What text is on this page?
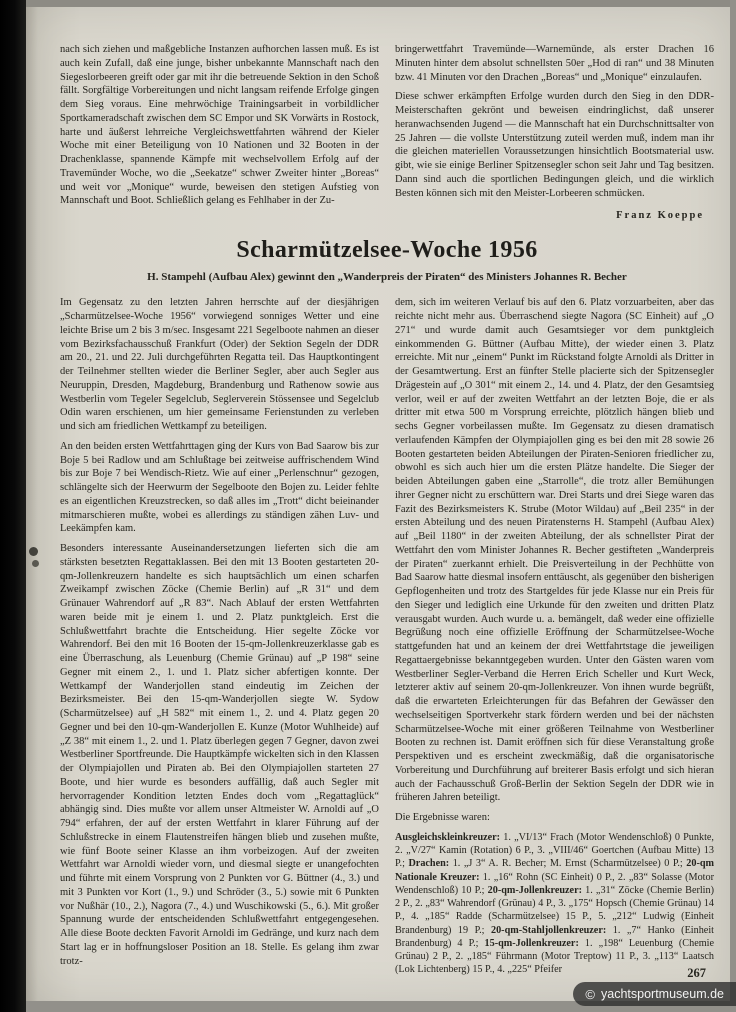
nach sich ziehen und maßgebliche Instanzen aufhorchen lassen muß. Es ist auch kein Zufall, daß eine junge, bisher unbekannte Mannschaft nach den Siegeslorbeeren greift oder gar mit ihr die betreuende Sektion in den Schoß fällt. Sorgfältige Vorbereitungen und nicht langsam reifende Erfolge gingen dem Sieg voraus. Eine mehrwöchige Trainingsarbeit in vorbildlicher Sportkameradschaft zwischen dem SC Empor und SK Vorwärts in Rostock, harte und äußerst lehrreiche Vergleichswettfahrten während der Kieler Woche mit einer Beteiligung von 10 Nationen und 32 Booten in der Drachenklasse, spannende Kämpfe mit wechselvollem Erfolg auf der Travemünder Woche, wo die „Seekatze“ schwer Zweiter hinter „Boreas“ und weit vor „Monique“ wurde, beweisen den stetigen Aufstieg von Mannschaft und Boot. Schließlich gelang es Fehlhaber in der Zu-

bringerwettfahrt Travemünde—Warnemünde, als erster Drachen 16 Minuten hinter dem absolut schnellsten 50er „Hod di ran“ und 38 Minuten bzw. 41 Minuten vor den Drachen „Boreas“ und „Monique“ einzulaufen.

Diese schwer erkämpften Erfolge wurden durch den Sieg in den DDR-Meisterschaften gekrönt und beweisen eindringlichst, daß unserer heranwachsenden Jugend — die Mannschaft hat ein Durchschnittsalter von 25 Jahren — die vollste Unterstützung zuteil werden muß, indem man ihr die gleichen materiellen Voraussetzungen hinsichtlich Bootsmaterial usw. gibt, wie sie einige Berliner Spitzensegler schon seit Jahr und Tag besitzen. Dann sind auch die sportlichen Bedingungen gleich, und die wirklich Besten können sich mit den Meister-Lorbeeren schmücken.

Franz Koeppe

Scharmützelsee-Woche 1956
H. Stampehl (Aufbau Alex) gewinnt den „Wanderpreis der Piraten“ des Ministers Johannes R. Becher

Im Gegensatz zu den letzten Jahren herrschte auf der diesjährigen „Scharmützelsee-Woche 1956“ vorwiegend sonniges Wetter und eine leichte Brise um 2 bis 3 m/sec. Insgesamt 221 Segelboote nahmen an dieser vom Bezirksfachausschuß Frankfurt (Oder) der Sektion Segeln der DDR am 20., 21. und 22. Juli durchgeführten Regatta teil. Das Hauptkontingent der Teilnehmer stellten wieder die Berliner Segler, aber auch Segler aus Neuruppin, Dresden, Magdeburg, Brandenburg und Rathenow sowie aus Westberlin vom Tegeler Segelclub, Seglerverein Stössensee und Segelclub Odin waren erschienen, um hier gemeinsame Ferienstunden zu verleben und sich am friedlichen Wettkampf zu beteiligen.

An den beiden ersten Wettfahrttagen ging der Kurs von Bad Saarow bis zur Boje 5 bei Radlow und am Schlußtage bei zeitweise auffrischendem Wind bis zur Boje 7 bei Wendisch-Rietz. Wie auf einer „Perlenschnur“ gezogen, schlängelte sich der Heerwurm der Segelboote den Bojen zu. Leider fehlte es an eigentlichen Kreuzstrecken, so daß alles im „Trott“ dicht beieinander mitmarschieren mußte, wobei es allerdings zu ständigen zähen Luv- und Leekämpfen kam.

Besonders interessante Auseinandersetzungen lieferten sich die am stärksten besetzten Regattaklassen. Bei den mit 13 Booten gestarteten 20-qm-Jollenkreuzern handelte es sich hauptsächlich um einen scharfen Zweikampf zwischen Zöcke (Chemie Berlin) auf „R 31“ und dem Grünauer Wahrendorf auf „R 83“. Nach Ablauf der ersten Wettfahrten waren beide mit je einem 1. und 2. Platz punktgleich. Erst die Schlußwettfahrt brachte die Entscheidung. Hier segelte Zöcke vor Wahrendorf. Bei den mit 16 Booten der 15-qm-Jollenkreuzerklasse gab es eine Überraschung, als Leuenburg (Chemie Grünau) auf „P 198“ seine Gegner mit einem 2., 1. und 1. Platz sicher abfertigen konnte. Der Wettkampf der Wanderjollen stand eindeutig im Zeichen der Bezirksmeister. Bei den 15-qm-Wanderjollen siegte W. Sydow (Scharmützelsee) auf „H 582“ mit einem 1., 2. und 4. Platz gegen 20 Gegner und bei den 10-qm-Wanderjollen E. Kunze (Motor Wuhlheide) auf „Z 38“ mit einem 1., 2. und 1. Platz überlegen gegen 7 Gegner, davon zwei Westberliner Sportfreunde. Die Hauptkämpfe wickelten sich in den Klassen der Olympiajollen und Piraten ab. Bei den Olympiajollen starteten 27 Boote, und hier wurde es besonders auffällig, daß auch Segler mit hervorragender Kondition letzten Endes doch vom „Regattaglück“ abhängig sind. Dies mußte vor allem unser Altmeister W. Arnoldi auf „O 794“ erfahren, der auf der ersten Wettfahrt in klarer Führung auf der Schlußstrecke in einem Flautenstreifen hängen blieb und zusehen mußte, wie fünf Boote seiner Klasse an ihm vorbeizogen. Auf der zweiten Wettfahrt war Arnoldi wieder vorn, und diesmal siegte er unangefochten und führte mit einem Vorsprung von 2 Punkten vor G. Büttner (4., 3.) und mit 3 Punkten vor Kort (1., 9.) und Schröder (3., 5.) sowie mit 6 Punkten vor Nußhär (10., 2.), Nagora (7., 4.) und Wuschikowski (5., 6.). Mit großer Spannung wurde der entscheidenden Schlußwettfahrt entgegengesehen. Alle diese Boote deckten Favorit Arnoldi im Gedränge, und kurz nach dem Start lag er in hoffnungsloser Position an 18. Stelle. Es gelang ihm zwar trotz-

dem, sich im weiteren Verlauf bis auf den 6. Platz vorzuarbeiten, aber das reichte nicht mehr aus. Überraschend siegte Nagora (SC Einheit) auf „O 271“ und wurde damit auch Gesamtsieger vor dem punktgleich einkommenden G. Büttner (Aufbau Mitte), der wieder einen 3. Platz erreichte. Mit nur „einem“ Punkt im Rückstand folgte Arnoldi als Dritter in der Gesamtwertung. Erst an fünfter Stelle placierte sich der Spitzensegler Drägestein auf „O 301“ mit einem 2., 14. und 4. Platz, der den Gesamtsieg verlor, weil er auf der zweiten Wettfahrt an der letzten Boje, die er als dritter mit etwa 500 m Vorsprung erreichte, plötzlich hängen blieb und sechs Gegner vorbeilassen mußte. Im Gegensatz zu diesen dramatisch verlaufenden Kämpfen der Olympiajollen ging es bei den mit 28 sowie 26 Booten gestarteten beiden Abteilungen der Piraten-Senioren friedlicher zu, obwohl es sich auch hier um die ersten Plätze handelte. Die Sieger der beiden Abteilungen gaben eine „Starrolle“, die trotz aller Bemühungen ihrer Gegner nicht zu erschüttern war. Drei Starts und drei Siege waren das Fazit des Bezirksmeisters K. Strube (Motor Wildau) auf „Beil 235“ in der ersten Abteilung und des neuen Piratensterns H. Stampehl (Aufbau Alex) auf „Beil 1180“ in der zweiten Abteilung, der als schnellster Pirat der Wettfahrt den vom Minister Johannes R. Becher gestifteten „Wanderpreis der Piraten“ zuerkannt erhielt. Die Preisverteilung in der Pechhütte von Bad Saarow hatte diesmal insofern enttäuscht, als gegenüber den bisherigen Gepflogenheiten und trotz des Startgeldes für jede Klasse nur ein Preis für den Sieger und lediglich eine Urkunde für den zweiten und dritten Platz verausgabt wurden. Auch wurde u. a. bemängelt, daß weder eine offizielle Begrüßung noch eine offizielle Eröffnung der Scharmützelsee-Woche stattgefunden hat und an keinem der drei Wettfahrtstage die jeweiligen Regattaergebnisse bekanntgegeben wurden. Unter den Gästen waren vom Westberliner Segler-Verband die Herren Erich Scheller und Kurt Weck, letzterer aktiv auf seinem 20-qm-Jollenkreuzer. Von ihnen wurde begrüßt, daß die erwarteten Erleichterungen für das Befahren der Gewässer den wechselseitigen Sportverkehr stark fördern werden und bei der nächsten Scharmützelsee-Woche mit einer größeren Teilnahme von Westberliner Booten zu rechnen ist. Damit eröffnen sich für diese Veranstaltung große Perspektiven und es erscheint zweckmäßig, daß die organisatorische Vorbereitung und Durchführung auf breiterer Basis erfolgt und sich hieran auch der Fachausschuß Groß-Berlin der Sektion Segeln der DDR wie in früheren Jahren beteiligt.

Die Ergebnisse waren:

Ausgleichskleinkreuzer: 1. „VI/13“ Frach (Motor Wendenschloß) 0 Punkte, 2. „V/27“ Kamin (Rotation) 6 P., 3. „VIII/46“ Goertchen (Aufbau Mitte) 13 P.; Drachen: 1. „J 3“ A. R. Becher; M. Ernst (Scharmützelsee) 0 P.; 20-qm Nationale Kreuzer: 1. „16“ Rohn (SC Einheit) 0 P., 2. „83“ Solasse (Motor Wendenschloß) 10 P.; 20-qm-Jollenkreuzer: 1. „31“ Zöcke (Chemie Berlin) 2 P., 2. „83“ Wahrendorf (Grünau) 4 P., 3. „175“ Hopsch (Chemie Grünau) 14 P., 4. „185“ Radde (Scharmützelsee) 15 P., 5. „212“ Ludwig (Einheit Brandenburg) 19 P.; 20-qm-Stahljollenkreuzer: 1. „7“ Hanko (Einheit Brandenburg) 4 P.; 15-qm-Jollenkreuzer: 1. „198“ Leuenburg (Chemie Grünau) 2 P., 2. „185“ Führmann (Motor Treptow) 11 P., 3. „113“ Laatsch (Lok Lichtenberg) 15 P., 4. „225“ Pfeifer	267
© yachtsportmuseum.de
